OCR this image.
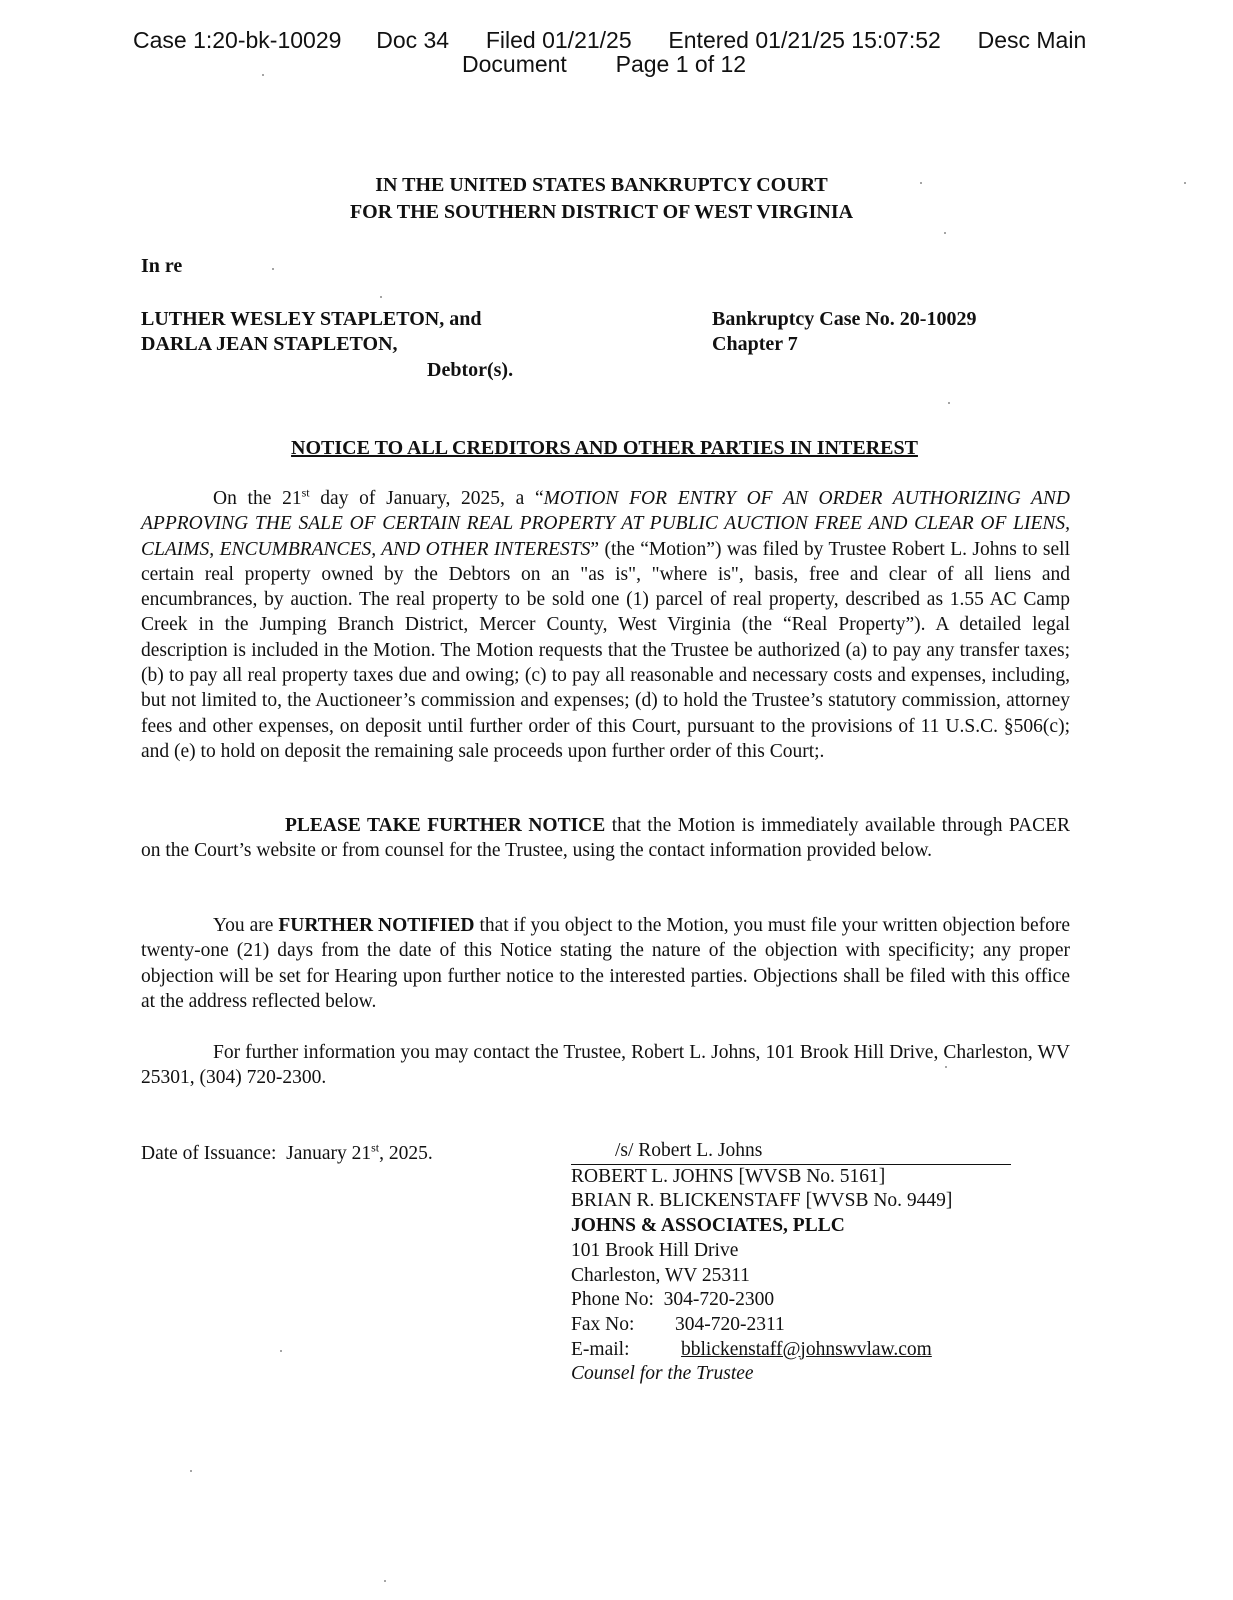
Case 1:20-bk-10029 Doc 34 Filed 01/21/25 Entered 01/21/25 15:07:52 Desc Main
Document Page 1 of 12
IN THE UNITED STATES BANKRUPTCY COURT
FOR THE SOUTHERN DISTRICT OF WEST VIRGINIA
In re
LUTHER WESLEY STAPLETON, and
DARLA JEAN STAPLETON,
Debtor(s).
Bankruptcy Case No. 20-10029
Chapter 7
NOTICE TO ALL CREDITORS AND OTHER PARTIES IN INTEREST

On the 21st day of January, 2025, a “MOTION FOR ENTRY OF AN ORDER AUTHORIZING AND APPROVING THE SALE OF CERTAIN REAL PROPERTY AT PUBLIC AUCTION FREE AND CLEAR OF LIENS, CLAIMS, ENCUMBRANCES, AND OTHER INTERESTS” (the “Motion”) was filed by Trustee Robert L. Johns to sell certain real property owned by the Debtors on an "as is", "where is", basis, free and clear of all liens and encumbrances, by auction. The real property to be sold one (1) parcel of real property, described as 1.55 AC Camp Creek in the Jumping Branch District, Mercer County, West Virginia (the “Real Property”). A detailed legal description is included in the Motion. The Motion requests that the Trustee be authorized (a) to pay any transfer taxes; (b) to pay all real property taxes due and owing; (c) to pay all reasonable and necessary costs and expenses, including, but not limited to, the Auctioneer’s commission and expenses; (d) to hold the Trustee’s statutory commission, attorney fees and other expenses, on deposit until further order of this Court, pursuant to the provisions of 11 U.S.C. §506(c); and (e) to hold on deposit the remaining sale proceeds upon further order of this Court;.

PLEASE TAKE FURTHER NOTICE that the Motion is immediately available through PACER on the Court’s website or from counsel for the Trustee, using the contact information provided below.

You are FURTHER NOTIFIED that if you object to the Motion, you must file your written objection before twenty-one (21) days from the date of this Notice stating the nature of the objection with specificity; any proper objection will be set for Hearing upon further notice to the interested parties. Objections shall be filed with this office at the address reflected below.

For further information you may contact the Trustee, Robert L. Johns, 101 Brook Hill Drive, Charleston, WV 25301, (304) 720-2300.

Date of Issuance: January 21st, 2025.	/s/ Robert L. Johns
ROBERT L. JOHNS [WVSB No. 5161]
BRIAN R. BLICKENSTAFF [WVSB No. 9449]
JOHNS & ASSOCIATES, PLLC
101 Brook Hill Drive
Charleston, WV 25311
Phone No: 304-720-2300
Fax No: 304-720-2311
E-mail:	bblickenstaff@johnswvlaw.com
Counsel for the Trustee
